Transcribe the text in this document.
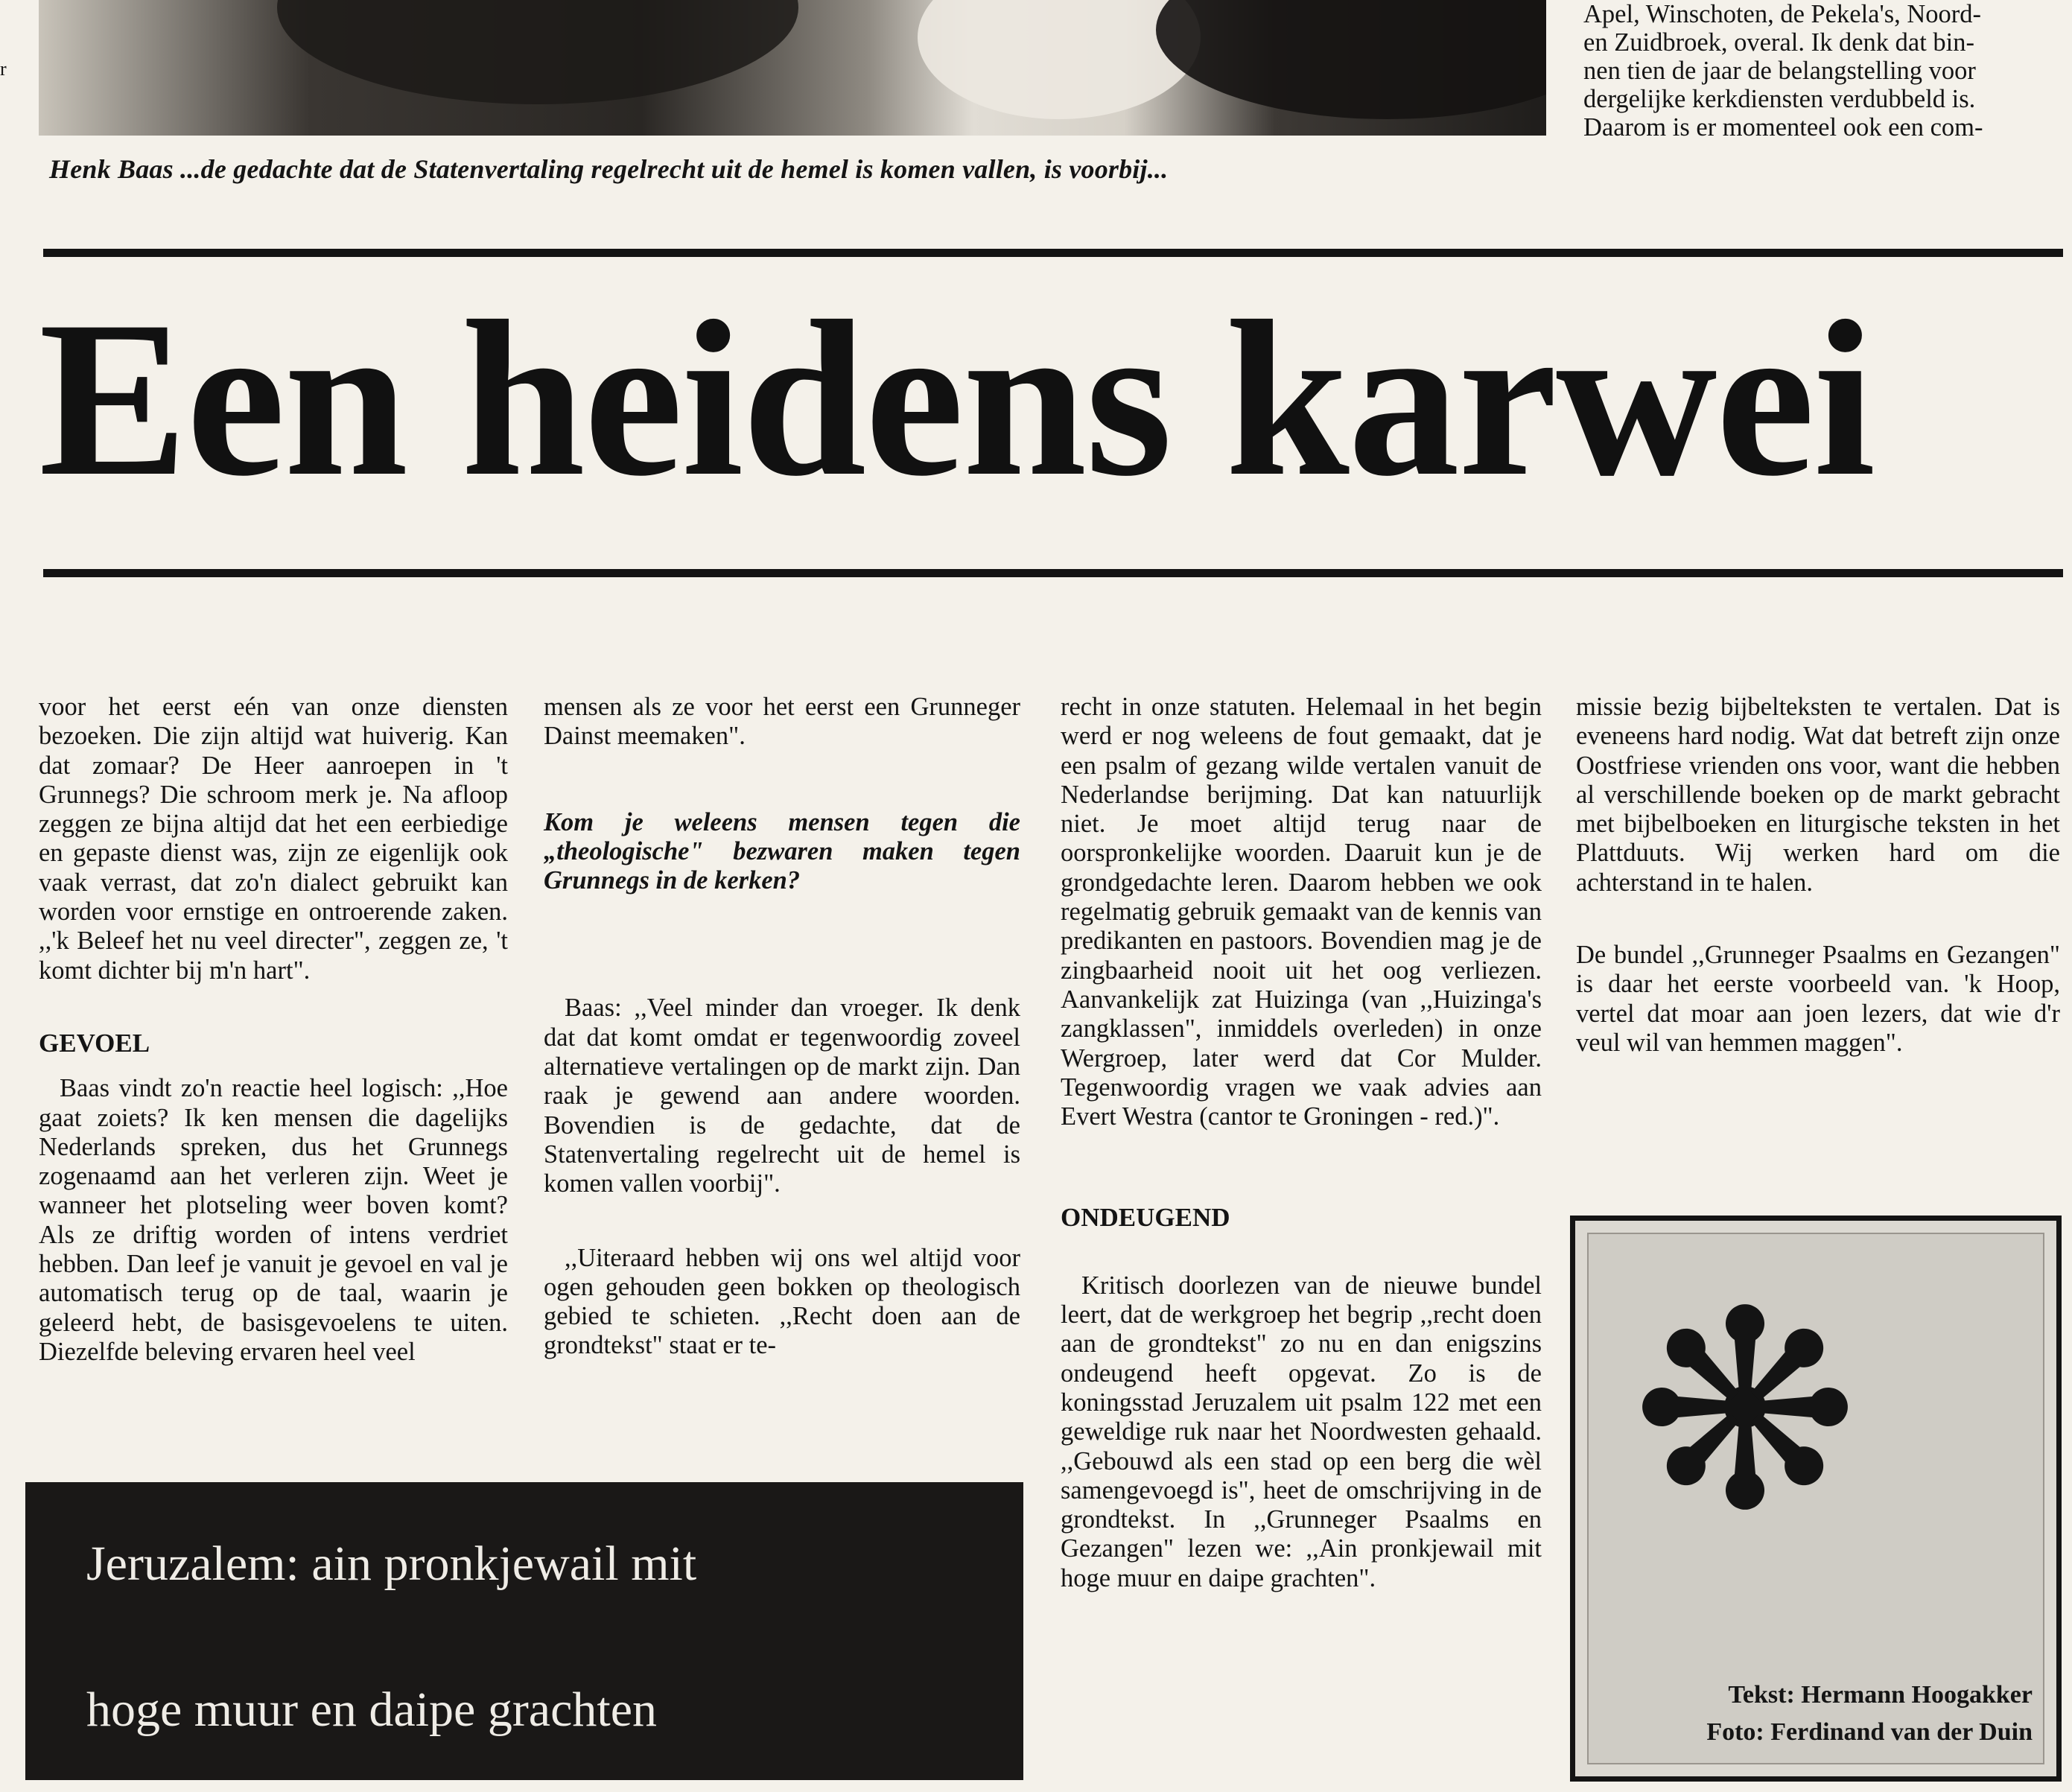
r
Apel, Winschoten, de Pekela's, Noord-
en Zuidbroek, overal. Ik denk dat bin-
nen tien de jaar de belangstelling voor
dergelijke kerkdiensten verdubbeld is.
Daarom is er momenteel ook een com-
Henk Baas ...de gedachte dat de Statenvertaling regelrecht uit de hemel is komen vallen, is voorbij...
Een heidens karwei

voor het eerst eén van onze diensten bezoeken. Die zijn altijd wat huiverig. Kan dat zomaar? De Heer aanroepen in 't Grunnegs? Die schroom merk je. Na afloop zeggen ze bijna altijd dat het een eerbiedige en gepaste dienst was, zijn ze eigenlijk ook vaak verrast, dat zo'n dialect gebruikt kan worden voor ernstige en ontroerende zaken. ,,'k Beleef het nu veel directer", zeggen ze, 't komt dichter bij m'n hart".

GEVOEL

Baas vindt zo'n reactie heel logisch: ,,Hoe gaat zoiets? Ik ken mensen die dagelijks Nederlands spreken, dus het Grunnegs zogenaamd aan het verleren zijn. Weet je wanneer het plotseling weer boven komt? Als ze driftig worden of intens verdriet hebben. Dan leef je vanuit je gevoel en val je automatisch terug op de taal, waarin je geleerd hebt, de basisgevoelens te uiten. Diezelfde beleving ervaren heel veel

mensen als ze voor het eerst een Grunneger Dainst meemaken".

Kom je weleens mensen tegen die „theologische" bezwaren maken tegen Grunnegs in de kerken?

Baas: ,,Veel minder dan vroeger. Ik denk dat dat komt omdat er tegenwoordig zoveel alternatieve vertalingen op de markt zijn. Dan raak je gewend aan andere woorden. Bovendien is de gedachte, dat de Statenvertaling regelrecht uit de hemel is komen vallen voorbij".

,,Uiteraard hebben wij ons wel altijd voor ogen gehouden geen bokken op theologisch gebied te schieten. ,,Recht doen aan de grondtekst" staat er te-

recht in onze statuten. Helemaal in het begin werd er nog weleens de fout gemaakt, dat je een psalm of gezang wilde vertalen vanuit de Nederlandse berijming. Dat kan natuurlijk niet. Je moet altijd terug naar de oorspronkelijke woorden. Daaruit kun je de grondgedachte leren. Daarom hebben we ook regelmatig gebruik gemaakt van de kennis van predikanten en pastoors. Bovendien mag je de zingbaarheid nooit uit het oog verliezen. Aanvankelijk zat Huizinga (van ,,Huizinga's zangklassen", inmiddels overleden) in onze Wergroep, later werd dat Cor Mulder. Tegenwoordig vragen we vaak advies aan Evert Westra (cantor te Groningen - red.)".

ONDEUGEND

Kritisch doorlezen van de nieuwe bundel leert, dat de werkgroep het begrip ,,recht doen aan de grondtekst" zo nu en dan enigszins ondeugend heeft opgevat. Zo is de koningsstad Jeruzalem uit psalm 122 met een geweldige ruk naar het Noordwesten gehaald. ,,Gebouwd als een stad op een berg die wèl samengevoegd is", heet de omschrijving in de grondtekst. In ,,Grunneger Psaalms en Gezangen" lezen we: ,,Ain pronkjewail mit hoge muur en daipe grachten".

missie bezig bijbelteksten te vertalen. Dat is eveneens hard nodig. Wat dat betreft zijn onze Oostfriese vrienden ons voor, want die hebben al verschillende boeken op de markt gebracht met bijbelboeken en liturgische teksten in het Plattduuts. Wij werken hard om die achterstand in te halen.

De bundel ,,Grunneger Psaalms en Gezangen" is daar het eerste voorbeeld van. 'k Hoop, vertel dat moar aan joen lezers, dat wie d'r veul wil van hemmen maggen".

Jeruzalem: ain pronkjewail mit
hoge muur en daipe grachten	Tekst: Hermann Hoogakker
Foto: Ferdinand van der Duin
